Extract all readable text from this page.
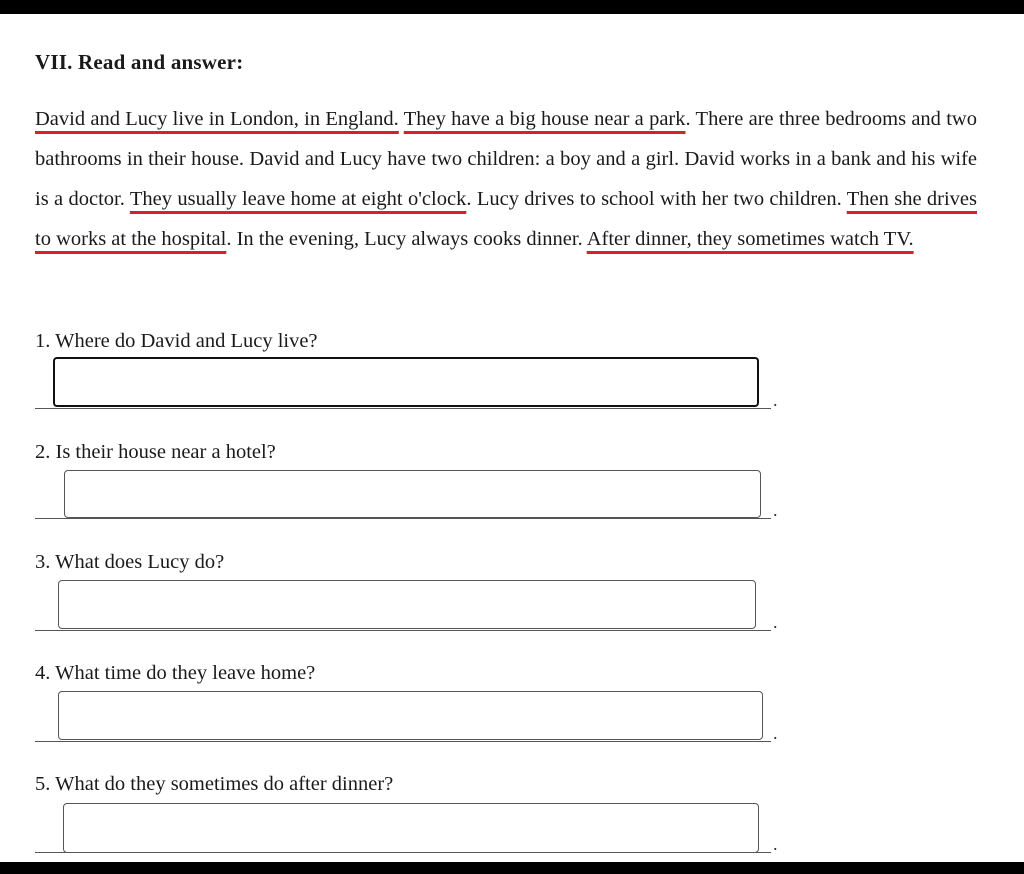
VII. Read and answer:
David and Lucy live in London, in England. They have a big house near a park. There are three bedrooms and two bathrooms in their house. David and Lucy have two children: a boy and a girl. David works in a bank and his wife is a doctor. They usually leave home at eight o'clock. Lucy drives to school with her two children. Then she drives to works at the hospital. In the evening, Lucy always cooks dinner. After dinner, they sometimes watch TV.
1. Where do David and Lucy live?
.
2. Is their house near a hotel?
.
3. What does Lucy do?
.
4. What time do they leave home?
.
5. What do they sometimes do after dinner?
.
